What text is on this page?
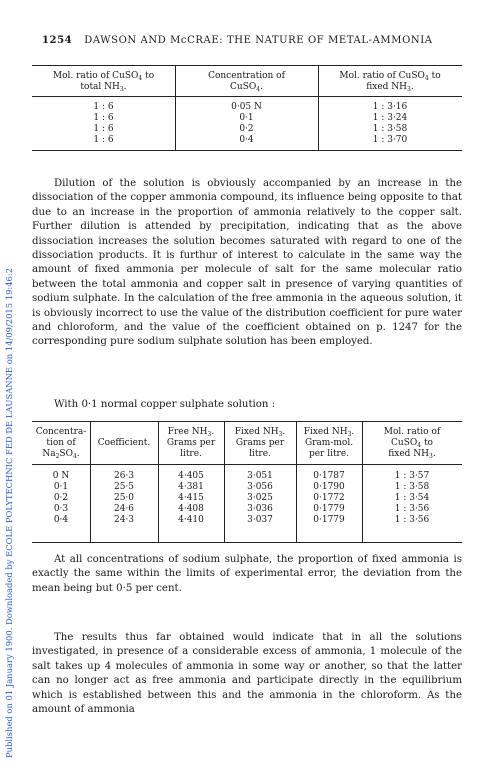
Published on 01 January 1900. Downloaded by ECOLE POLYTECHNIC FED DE LAUSANNE on 14/09/2015 19:46:2
1254 DAWSON AND McCRAE: THE NATURE OF METAL-AMMONIA
Mol. ratio of CuSO$_4$ to
total $NH_3$.
Concentration of
CuSO$_4$.
Mol. ratio of CuSO$_4$ to
fixed $NH_3$.
1 : 6
1 : 6
1 : 6
1 : 6
0·05 N
0·1
0·2
0·4
1 : 3·16
1 : 3·24
1 : 3·58
1 : 3·70

Dilution of the solution is obviously accompanied by an increase in the dissociation of the copper ammonia compound, its influence being opposite to that due to an increase in the proportion of ammonia relatively to the copper salt. Further dilution is attended by precipitation, indicating that as the above dissociation increases the solution becomes saturated with regard to one of the dissociation products. It is furthur of interest to calculate in the same way the amount of fixed ammonia per molecule of salt for the same molecular ratio between the total ammonia and copper salt in presence of varying quantities of sodium sulphate. In the calculation of the free ammonia in the aqueous solution, it is obviously incorrect to use the value of the distribution coefficient for pure water and chloroform, and the value of the coefficient obtained on p. 1247 for the corresponding pure sodium sulphate solution has been employed.

With 0·1 normal copper sulphate solution :
Concentra-
tion of
$Na_2SO_4$.
Coefficient.
Free $NH_3$.
Grams per
litre.
Fixed $NH_3$.
Grams per
litre.
Fixed $NH_3$.
Gram-mol.
per litre.
Mol. ratio of
CuSO$_4$ to
fixed $NH_3$.
0 N
0·1
0·2
0·3
0·4
26·3
25·5
25·0
24·6
24·3
4·405
4·381
4·415
4·408
4·410
3·051
3·056
3·025
3·036
3·037
0·1787
0·1790
0·1772
0·1779
0·1779
1 : 3·57
1 : 3·58
1 : 3·54
1 : 3·56
1 : 3·56

At all concentrations of sodium sulphate, the proportion of fixed ammonia is exactly the same within the limits of experimental error, the deviation from the mean being but 0·5 per cent.

The results thus far obtained would indicate that in all the solutions investigated, in presence of a considerable excess of ammonia, 1 molecule of the salt takes up 4 molecules of ammonia in some way or another, so that the latter can no longer act as free ammonia and participate directly in the equilibrium which is established between this and the ammonia in the chloroform. As the amount of ammonia
